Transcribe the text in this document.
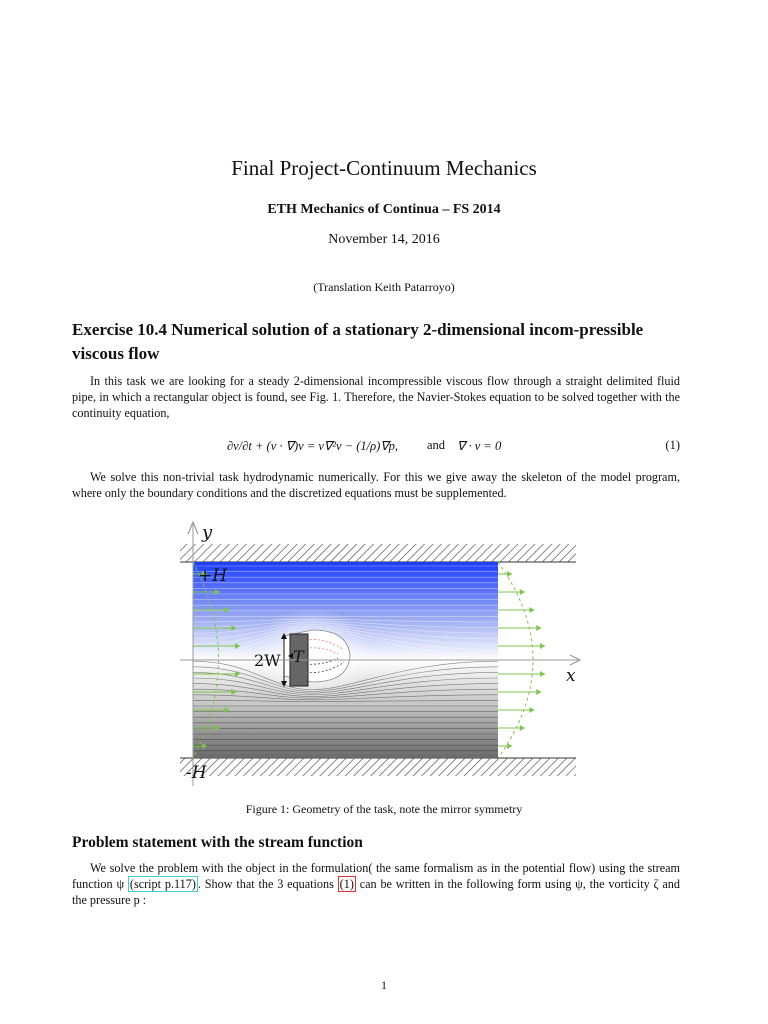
Final Project-Continuum Mechanics
ETH Mechanics of Continua – FS 2014
November 14, 2016
(Translation Keith Patarroyo)
Exercise 10.4 Numerical solution of a stationary 2-dimensional incom-pressible viscous flow
In this task we are looking for a steady 2-dimensional incompressible viscous flow through a straight delimited fluid pipe, in which a rectangular object is found, see Fig. 1. Therefore, the Navier-Stokes equation to be solved together with the continuity equation,
∂v/∂t + (v · ∇)v = ν∇²v − (1/ρ)∇p, and ∇ · v = 0	(1)
We solve this non-trivial task hydrodynamic numerically. For this we give away the skeleton of the model program, where only the boundary conditions and the discretized equations must be supplemented.
y
+H
-H
x
2W T
Figure 1: Geometry of the task, note the mirror symmetry
Problem statement with the stream function
We solve the problem with the object in the formulation( the same formalism as in the potential flow) using the stream function ψ (script p.117) . Show that the 3 equations (1) can be written in the following form using ψ, the vorticity ζ and the pressure p :
1
